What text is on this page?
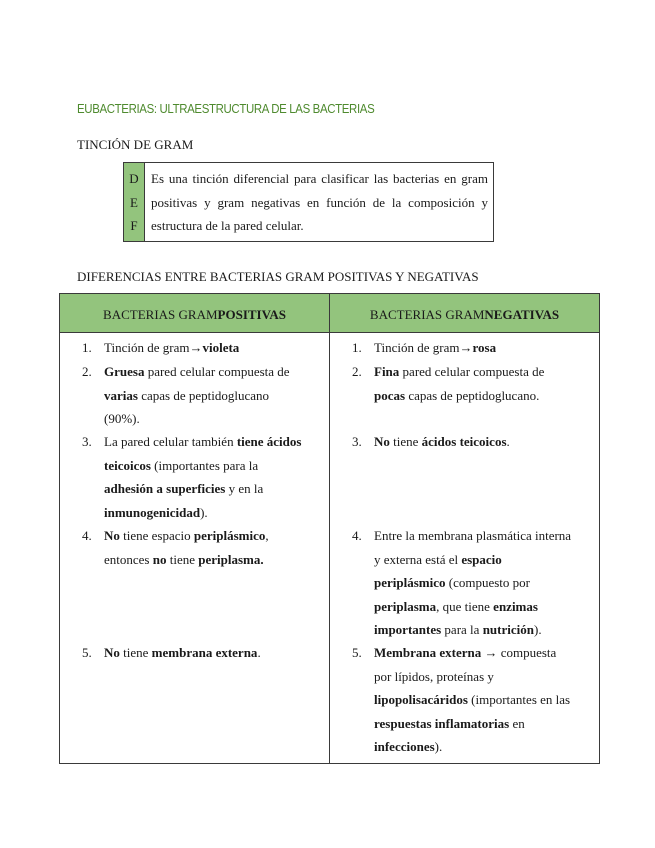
EUBACTERIAS: ULTRAESTRUCTURA DE LAS BACTERIAS
TINCIÓN DE GRAM
D
E
F
Es una tinción diferencial para clasificar las bacterias en gram positivas y gram negativas en función de la composición y estructura de la pared celular.
DIFERENCIAS ENTRE BACTERIAS GRAM POSITIVAS Y NEGATIVAS
BACTERIAS GRAM POSITIVAS	BACTERIAS GRAM NEGATIVAS
1. Tinción de gram→violeta
2. Gruesa pared celular compuesta de varias capas de peptidoglucano (90%).
3. La pared celular también tiene ácidos teicoicos (importantes para la adhesión a superficies y en la inmunogenicidad).
4. No tiene espacio periplásmico, entonces no tiene periplasma.
5. No tiene membrana externa.
1. Tinción de gram→rosa
2. Fina pared celular compuesta de pocas capas de peptidoglucano.
3. No tiene ácidos teicoicos.
4. Entre la membrana plasmática interna y externa está el espacio periplásmico (compuesto por periplasma, que tiene enzimas importantes para la nutrición).
5. Membrana externa → compuesta por lípidos, proteínas y lipopolisacáridos (importantes en las respuestas inflamatorias en infecciones).
